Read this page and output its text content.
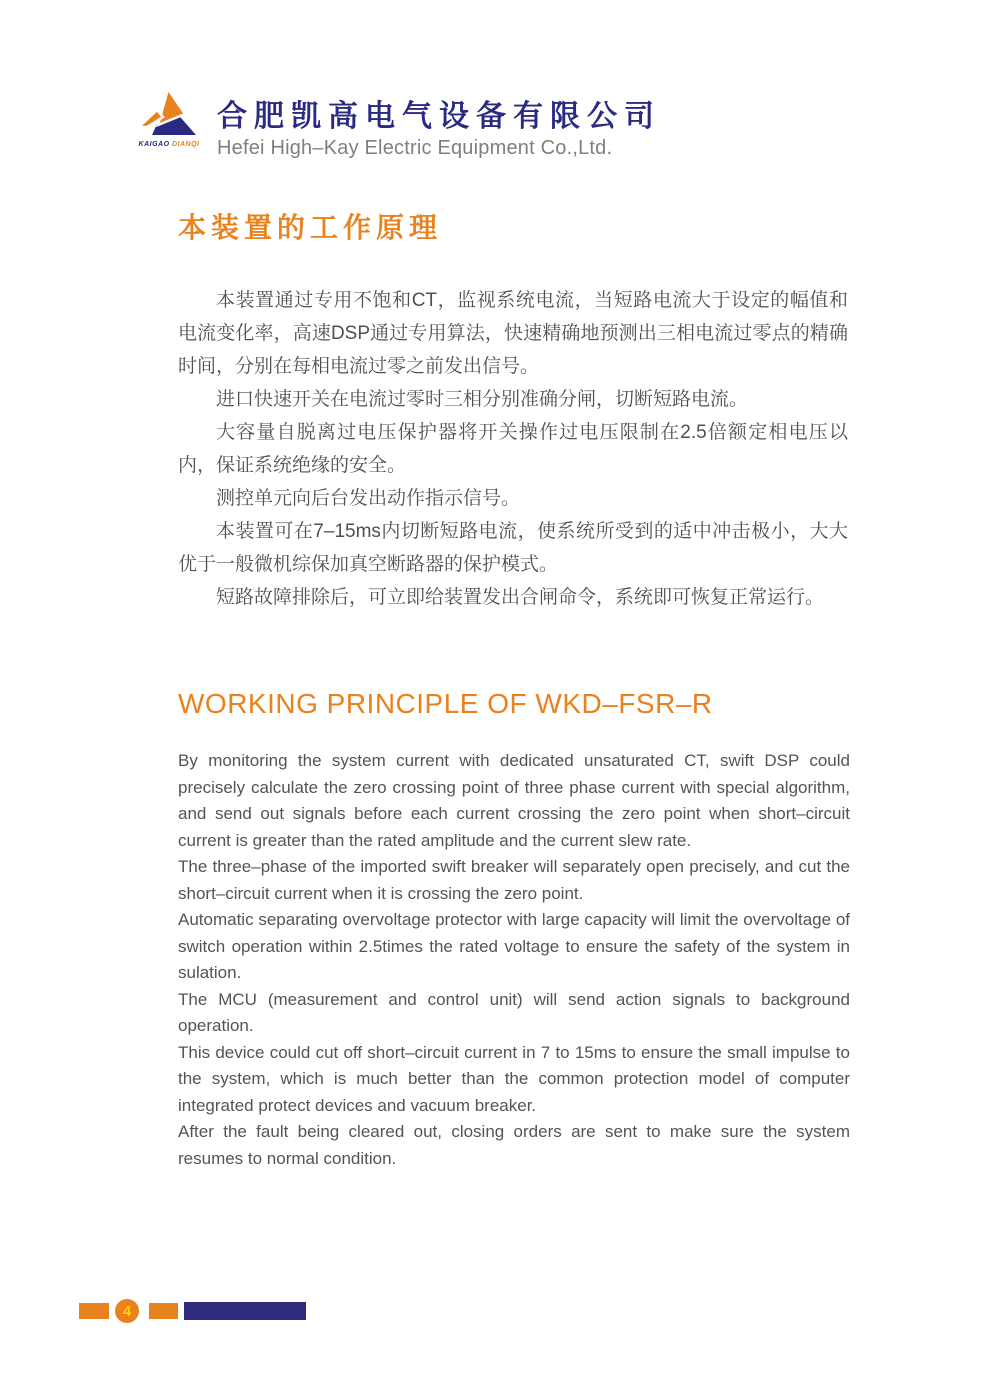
KAIGAO DIANQI
合肥凯高电气设备有限公司
Hefei High–Kay Electric Equipment Co.,Ltd.
本装置的工作原理

本装置通过专用不饱和CT，监视系统电流，当短路电流大于设定的幅值和电流变化率，高速DSP通过专用算法，快速精确地预测出三相电流过零点的精确时间，分别在每相电流过零之前发出信号。

进口快速开关在电流过零时三相分别准确分闸，切断短路电流。

大容量自脱离过电压保护器将开关操作过电压限制在2.5倍额定相电压以内，保证系统绝缘的安全。

测控单元向后台发出动作指示信号。

本装置可在7–15ms内切断短路电流，使系统所受到的适中冲击极小，大大优于一般微机综保加真空断路器的保护模式。

短路故障排除后，可立即给装置发出合闸命令，系统即可恢复正常运行。

WORKING PRINCIPLE OF WKD–FSR–R

By monitoring the system current with dedicated unsaturated CT, swift DSP could precisely calculate the zero crossing point of three phase current with special algorithm, and send out signals before each current crossing the zero point when short–circuit current is greater than the rated amplitude and the current slew rate.

The three–phase of the imported swift breaker will separately open precisely, and cut the short–circuit current when it is crossing the zero point.

Automatic separating overvoltage protector with large capacity will limit the overvoltage of switch operation within 2.5times the rated voltage to ensure the safety of the system in sulation.

The MCU (measurement and control unit) will send action signals to background operation.

This device could cut off short–circuit current in 7 to 15ms to ensure the small impulse to the system, which is much better than the common protection model of computer integrated protect devices and vacuum breaker.

After the fault being cleared out, closing orders are sent to make sure the system resumes to normal condition.

4
